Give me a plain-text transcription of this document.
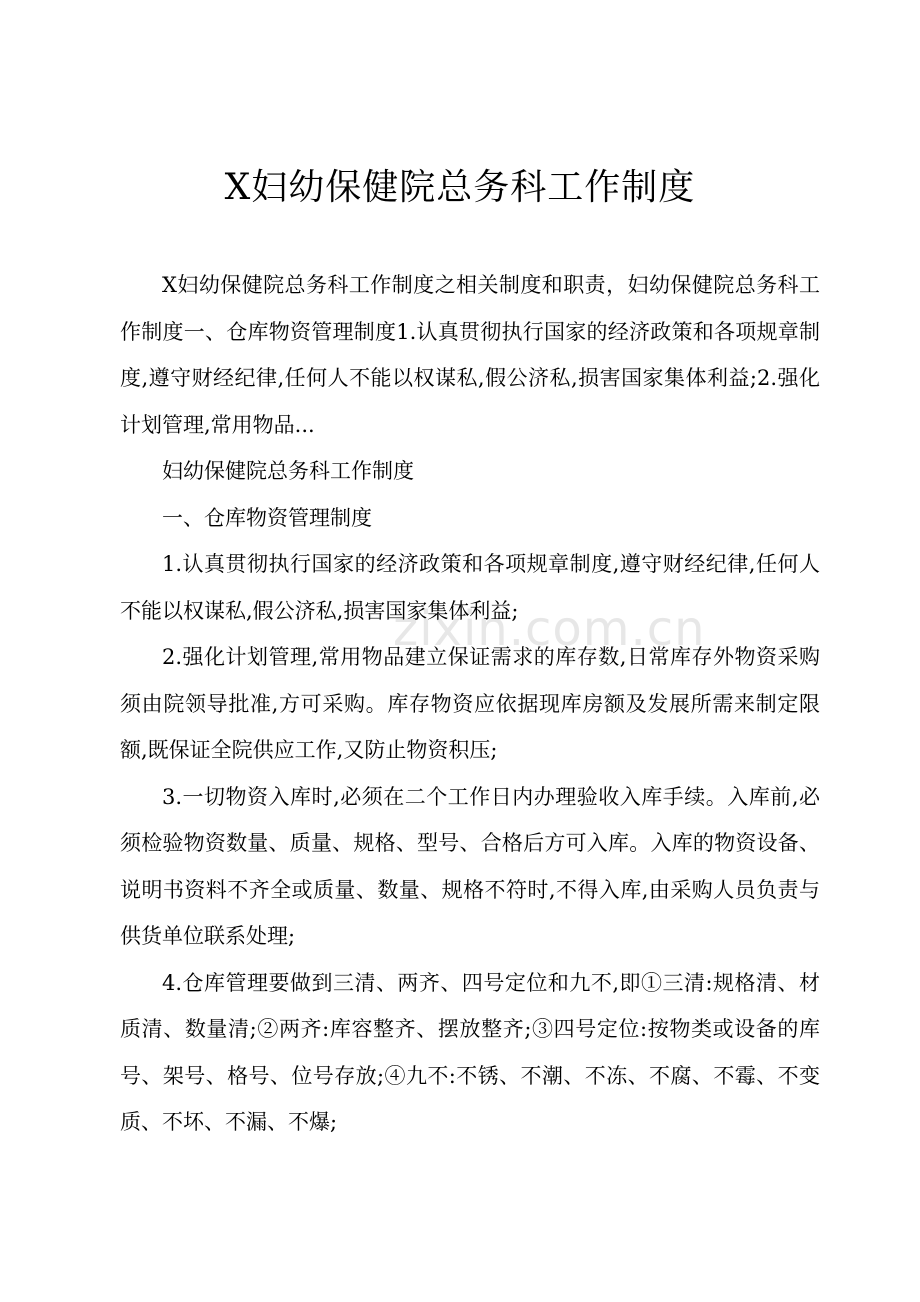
X妇幼保健院总务科工作制度

X妇幼保健院总务科工作制度之相关制度和职责，妇幼保健院总务科工作制度一、仓库物资管理制度1.认真贯彻执行国家的经济政策和各项规章制度,遵守财经纪律,任何人不能以权谋私,假公济私,损害国家集体利益;2.强化计划管理,常用物品...

妇幼保健院总务科工作制度

一、仓库物资管理制度

1.认真贯彻执行国家的经济政策和各项规章制度,遵守财经纪律,任何人不能以权谋私,假公济私,损害国家集体利益;

2.强化计划管理,常用物品建立保证需求的库存数,日常库存外物资采购须由院领导批准,方可采购。库存物资应依据现库房额及发展所需来制定限额,既保证全院供应工作,又防止物资积压;

3.一切物资入库时,必须在二个工作日内办理验收入库手续。入库前,必须检验物资数量、质量、规格、型号、合格后方可入库。入库的物资设备、说明书资料不齐全或质量、数量、规格不符时,不得入库,由采购人员负责与供货单位联系处理;

4.仓库管理要做到三清、两齐、四号定位和九不,即①三清:规格清、材质清、数量清;②两齐:库容整齐、摆放整齐;③四号定位:按物类或设备的库号、架号、格号、位号存放;④九不:不锈、不潮、不冻、不腐、不霉、不变质、不坏、不漏、不爆;

zixin.com.cn
